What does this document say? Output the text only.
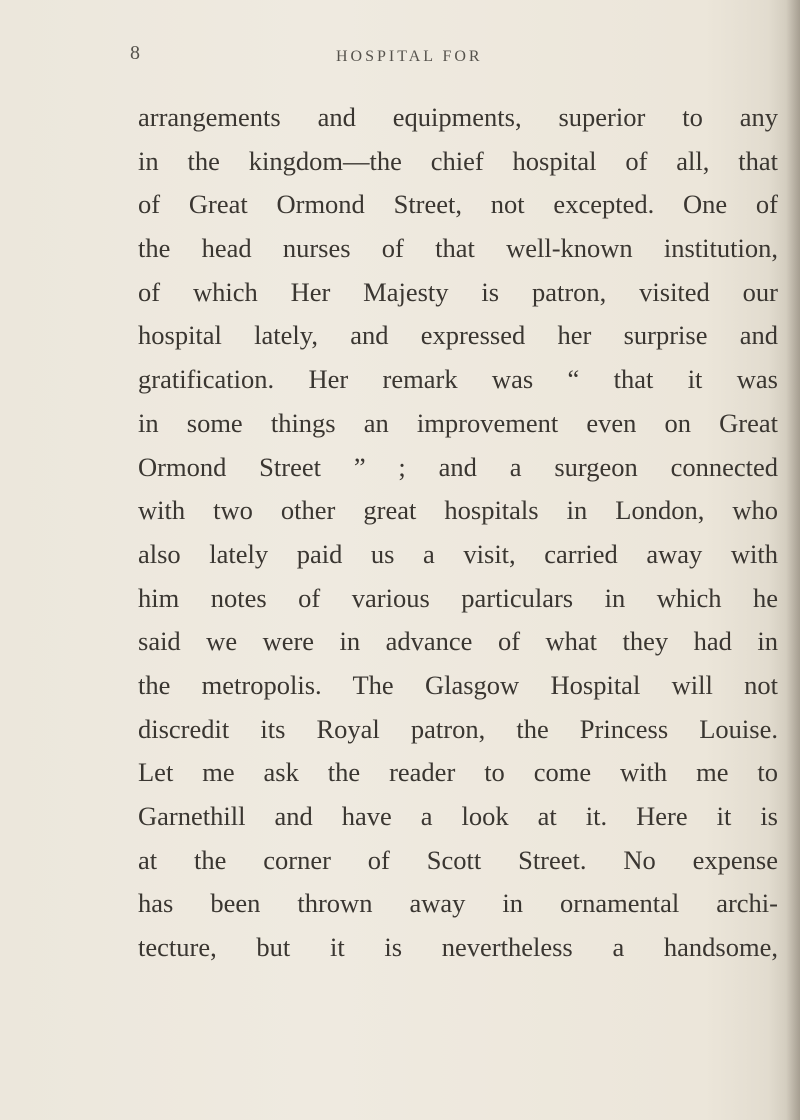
8	HOSPITAL FOR
arrangements and equipments, superior to any
in the kingdom—the chief hospital of all, that
of Great Ormond Street, not excepted. One of
the head nurses of that well-known institution,
of which Her Majesty is patron, visited our
hospital lately, and expressed her surprise and
gratification. Her remark was “ that it was
in some things an improvement even on Great
Ormond Street ” ; and a surgeon connected
with two other great hospitals in London, who
also lately paid us a visit, carried away with
him notes of various particulars in which he
said we were in advance of what they had in
the metropolis. The Glasgow Hospital will not
discredit its Royal patron, the Princess Louise.
Let me ask the reader to come with me to
Garnethill and have a look at it. Here it is
at the corner of Scott Street. No expense
has been thrown away in ornamental archi-
tecture, but it is nevertheless a handsome,
